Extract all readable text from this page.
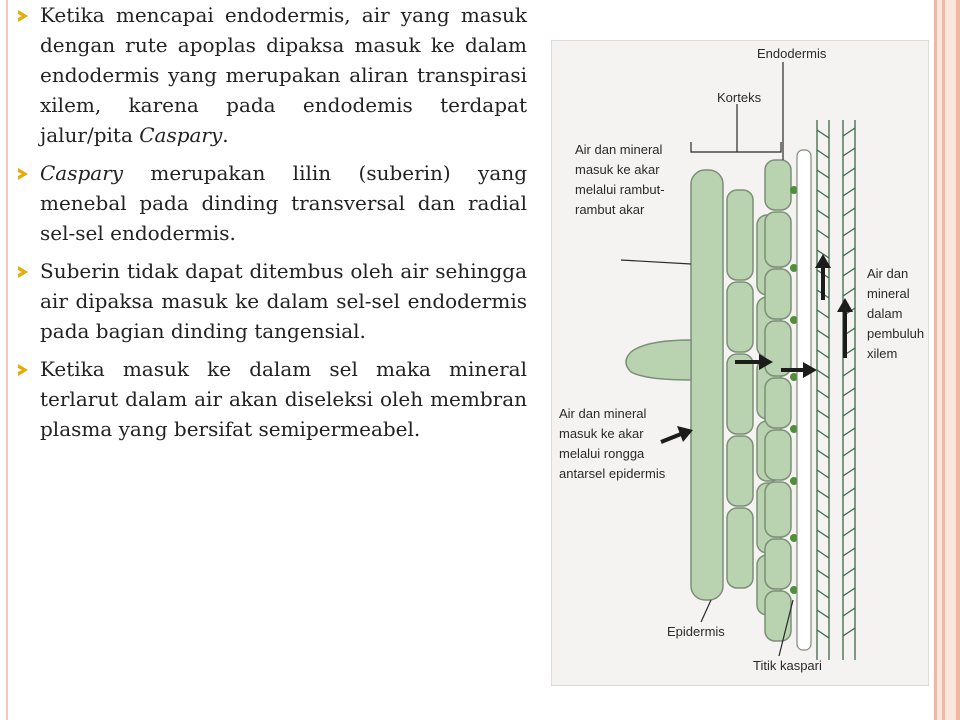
Ketika mencapai endodermis, air yang masuk dengan rute apoplas dipaksa masuk ke dalam endodermis yang merupakan aliran transpirasi xilem, karena pada endodemis terdapat jalur/pita Caspary.
Caspary merupakan lilin (suberin) yang menebal pada dinding transversal dan radial sel-sel endodermis.
Suberin tidak dapat ditembus oleh air sehingga air dipaksa masuk ke dalam sel-sel endodermis pada bagian dinding tangensial.
Ketika masuk ke dalam sel maka mineral terlarut dalam air akan diseleksi oleh membran plasma yang bersifat semipermeabel.
Endodermis
Korteks
Air dan mineral
masuk ke akar
melalui rambut-
rambut akar
Air dan
mineral
dalam
pembuluh
xilem
Air dan mineral
masuk ke akar
melalui rongga
antarsel epidermis
Epidermis
Titik kaspari
